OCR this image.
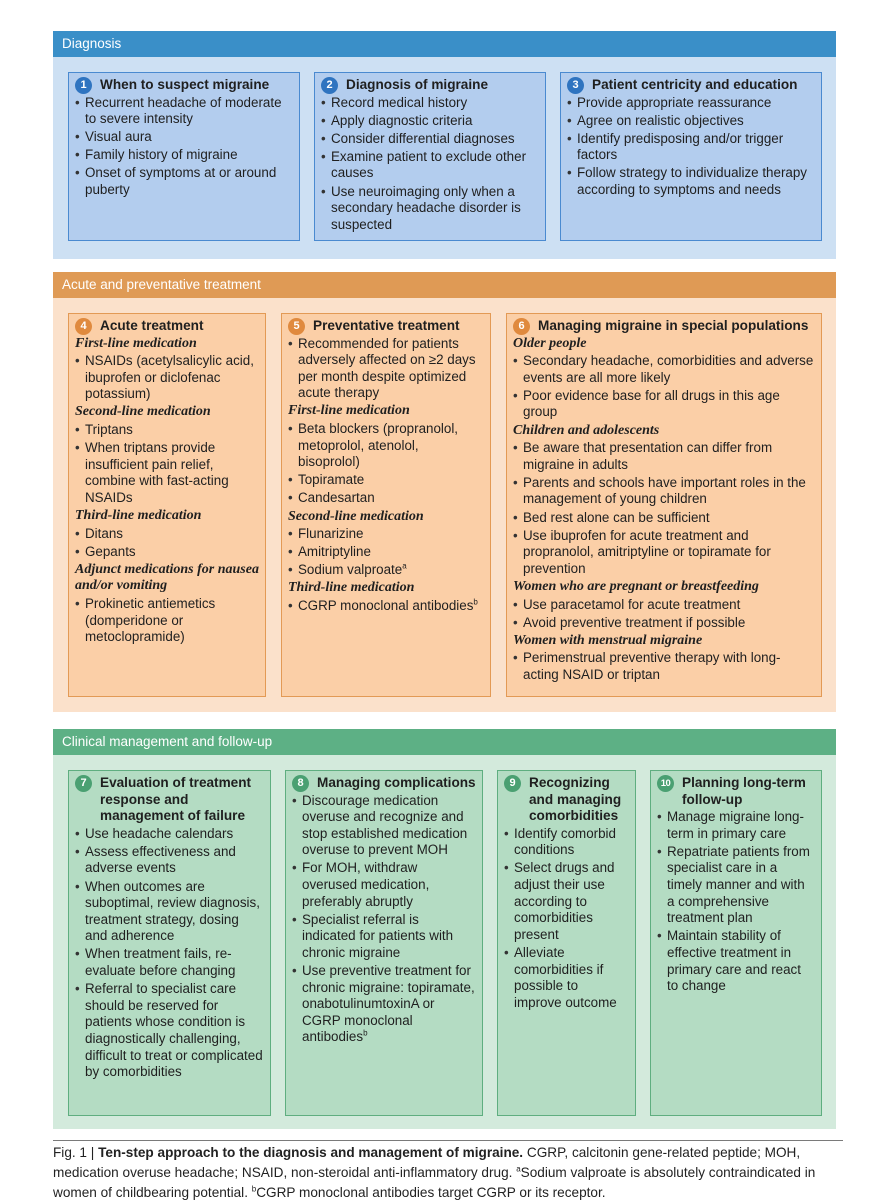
Diagnosis
1 When to suspect migraine
• Recurrent headache of moderate to severe intensity
• Visual aura
• Family history of migraine
• Onset of symptoms at or around puberty
2 Diagnosis of migraine
• Record medical history
• Apply diagnostic criteria
• Consider differential diagnoses
• Examine patient to exclude other causes
• Use neuroimaging only when a secondary headache disorder is suspected
3 Patient centricity and education
• Provide appropriate reassurance
• Agree on realistic objectives
• Identify predisposing and/or trigger factors
• Follow strategy to individualize therapy according to symptoms and needs
Acute and preventative treatment
4 Acute treatment
First-line medication
• NSAIDs (acetylsalicylic acid, ibuprofen or diclofenac potassium)
Second-line medication
• Triptans
• When triptans provide insufficient pain relief, combine with fast-acting NSAIDs
Third-line medication
• Ditans
• Gepants
Adjunct medications for nausea and/or vomiting
• Prokinetic antiemetics (domperidone or metoclopramide)
5 Preventative treatment
• Recommended for patients adversely affected on ≥2 days per month despite optimized acute therapy
First-line medication
• Beta blockers (propranolol, metoprolol, atenolol, bisoprolol)
• Topiramate
• Candesartan
Second-line medication
• Flunarizine
• Amitriptyline
• Sodium valproate$^a$
Third-line medication
• CGRP monoclonal antibodies$^b$
6 Managing migraine in special populations
Older people
• Secondary headache, comorbidities and adverse events are all more likely
• Poor evidence base for all drugs in this age group
Children and adolescents
• Be aware that presentation can differ from migraine in adults
• Parents and schools have important roles in the management of young children
• Bed rest alone can be sufficient
• Use ibuprofen for acute treatment and propranolol, amitriptyline or topiramate for prevention
Women who are pregnant or breastfeeding
• Use paracetamol for acute treatment
• Avoid preventive treatment if possible
Women with menstrual migraine
• Perimenstrual preventive therapy with long-acting NSAID or triptan
Clinical management and follow-up
7 Evaluation of treatment response and management of failure
• Use headache calendars
• Assess effectiveness and adverse events
• When outcomes are suboptimal, review diagnosis, treatment strategy, dosing and adherence
• When treatment fails, re-evaluate before changing
• Referral to specialist care should be reserved for patients whose condition is diagnostically challenging, difficult to treat or complicated by comorbidities
8 Managing complications
• Discourage medication overuse and recognize and stop established medication overuse to prevent MOH
• For MOH, withdraw overused medication, preferably abruptly
• Specialist referral is indicated for patients with chronic migraine
• Use preventive treatment for chronic migraine: topiramate, onabotulinumtoxinA or CGRP monoclonal antibodies$^b$
9 Recognizing and managing comorbidities
• Identify comorbid conditions
• Select drugs and adjust their use according to comorbidities present
• Alleviate comorbidities if possible to improve outcome
10 Planning long-term follow-up
• Manage migraine long-term in primary care
• Repatriate patients from specialist care in a timely manner and with a comprehensive treatment plan
• Maintain stability of effective treatment in primary care and react to change
Fig. 1 | Ten-step approach to the diagnosis and management of migraine. CGRP, calcitonin gene-related peptide; MOH, medication overuse headache; NSAID, non-steroidal anti-inflammatory drug. $^a$Sodium valproate is absolutely contraindicated in women of childbearing potential. $^b$CGRP monoclonal antibodies target CGRP or its receptor.
